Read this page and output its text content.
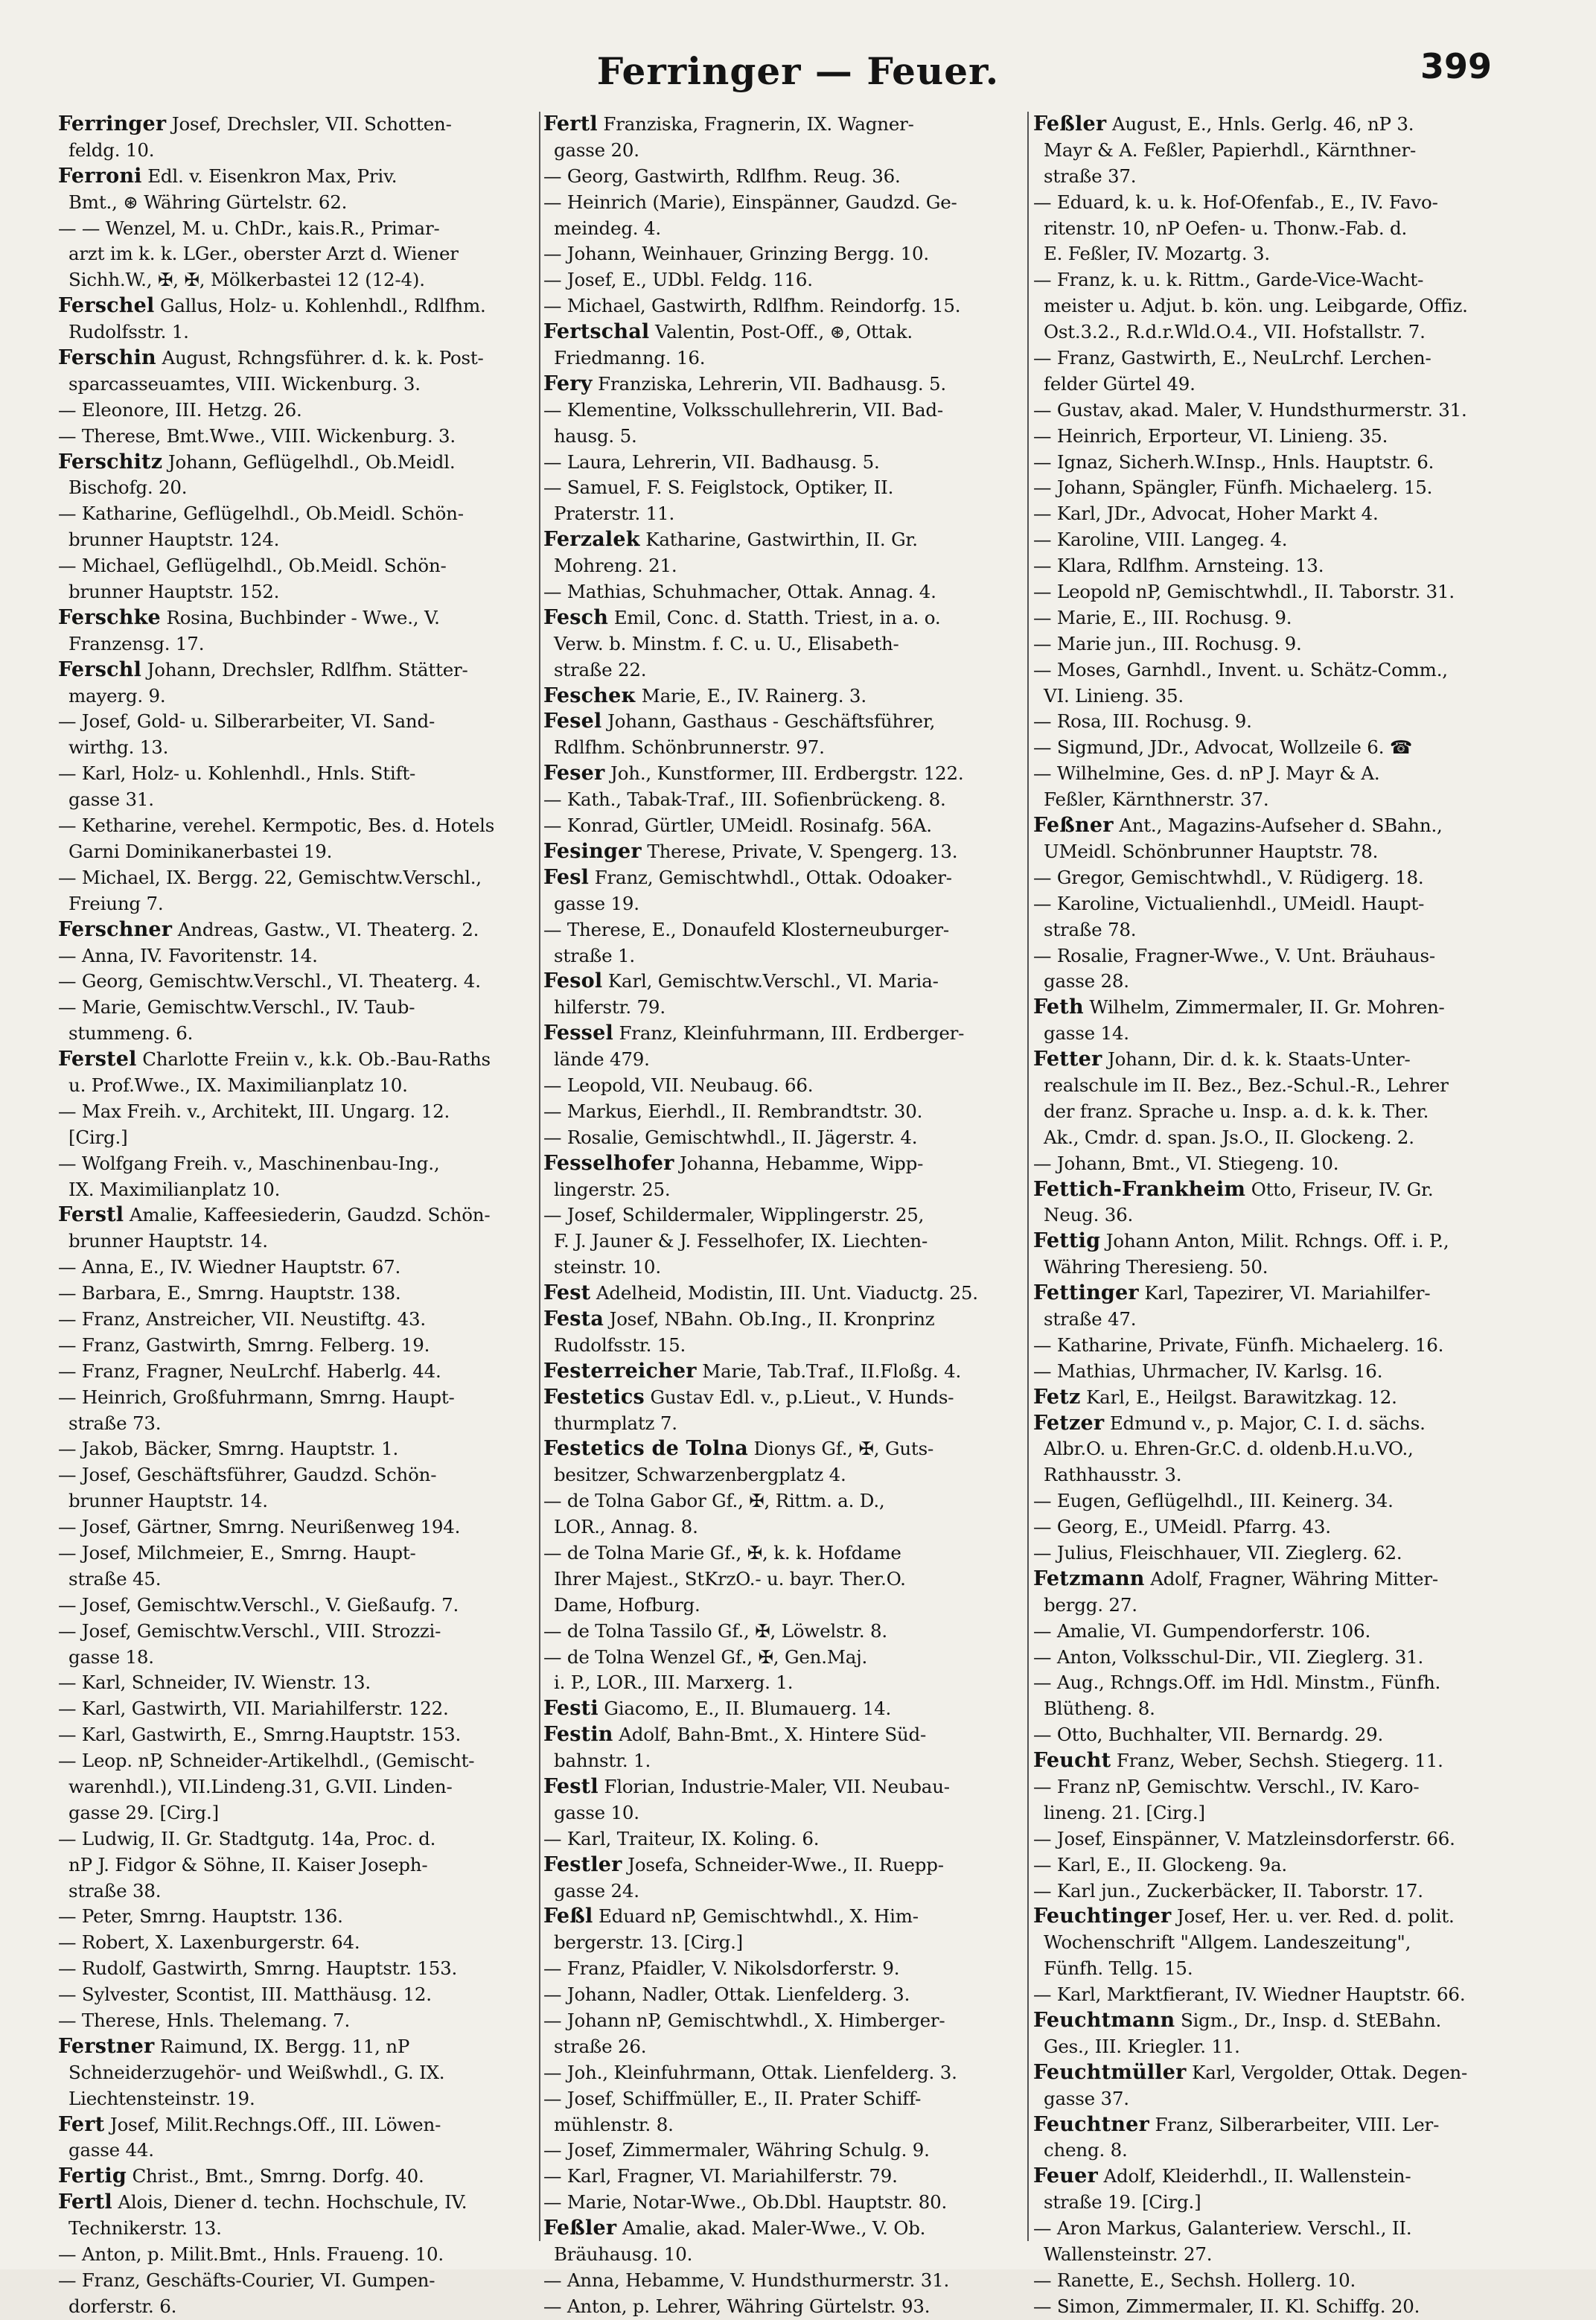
Ferringer — Feuer.	399
Ferringer Josef, Drechsler, VII. Schotten-
feldg. 10.
Ferroni Edl. v. Eisenkron Max, Priv.
Bmt., ⊛ Währing Gürtelstr. 62.
— — Wenzel, M. u. ChDr., kais.R., Primar-
arzt im k. k. LGer., oberster Arzt d. Wiener
Sichh.W., ✠, ✠, Mölkerbastei 12 (12-4).
Ferschel Gallus, Holz- u. Kohlenhdl., Rdlfhm.
Rudolfsstr. 1.
Ferschin August, Rchngsführer. d. k. k. Post-
sparcasseuamtes, VIII. Wickenburg. 3.
— Eleonore, III. Hetzg. 26.
— Therese, Bmt.Wwe., VIII. Wickenburg. 3.
Ferschitz Johann, Geflügelhdl., Ob.Meidl.
Bischofg. 20.
— Katharine, Geflügelhdl., Ob.Meidl. Schön-
brunner Hauptstr. 124.
— Michael, Geflügelhdl., Ob.Meidl. Schön-
brunner Hauptstr. 152.
Ferschke Rosina, Buchbinder - Wwe., V.
Franzensg. 17.
Ferschl Johann, Drechsler, Rdlfhm. Stätter-
mayerg. 9.
— Josef, Gold- u. Silberarbeiter, VI. Sand-
wirthg. 13.
— Karl, Holz- u. Kohlenhdl., Hnls. Stift-
gasse 31.
— Ketharine, verehel. Kermpotic, Bes. d. Hotels
Garni Dominikanerbastei 19.
— Michael, IX. Bergg. 22, Gemischtw.Verschl.,
Freiung 7.
Ferschner Andreas, Gastw., VI. Theaterg. 2.
— Anna, IV. Favoritenstr. 14.
— Georg, Gemischtw.Verschl., VI. Theaterg. 4.
— Marie, Gemischtw.Verschl., IV. Taub-
stummeng. 6.
Ferstel Charlotte Freiin v., k.k. Ob.-Bau-Raths
u. Prof.Wwe., IX. Maximilianplatz 10.
— Max Freih. v., Architekt, III. Ungarg. 12.
[Cirg.]
— Wolfgang Freih. v., Maschinenbau-Ing.,
IX. Maximilianplatz 10.
Ferstl Amalie, Kaffeesiederin, Gaudzd. Schön-
brunner Hauptstr. 14.
— Anna, E., IV. Wiedner Hauptstr. 67.
— Barbara, E., Smrng. Hauptstr. 138.
— Franz, Anstreicher, VII. Neustiftg. 43.
— Franz, Gastwirth, Smrng. Felberg. 19.
— Franz, Fragner, NeuLrchf. Haberlg. 44.
— Heinrich, Großfuhrmann, Smrng. Haupt-
straße 73.
— Jakob, Bäcker, Smrng. Hauptstr. 1.
— Josef, Geschäftsführer, Gaudzd. Schön-
brunner Hauptstr. 14.
— Josef, Gärtner, Smrng. Neurißenweg 194.
— Josef, Milchmeier, E., Smrng. Haupt-
straße 45.
— Josef, Gemischtw.Verschl., V. Gießaufg. 7.
— Josef, Gemischtw.Verschl., VIII. Strozzi-
gasse 18.
— Karl, Schneider, IV. Wienstr. 13.
— Karl, Gastwirth, VII. Mariahilferstr. 122.
— Karl, Gastwirth, E., Smrng.Hauptstr. 153.
— Leop. nP, Schneider-Artikelhdl., (Gemischt-
warenhdl.), VII.Lindeng.31, G.VII. Linden-
gasse 29. [Cirg.]
— Ludwig, II. Gr. Stadtgutg. 14a, Proc. d.
nP J. Fidgor & Söhne, II. Kaiser Joseph-
straße 38.
— Peter, Smrng. Hauptstr. 136.
— Robert, X. Laxenburgerstr. 64.
— Rudolf, Gastwirth, Smrng. Hauptstr. 153.
— Sylvester, Scontist, III. Matthäusg. 12.
— Therese, Hnls. Thelemang. 7.
Ferstner Raimund, IX. Bergg. 11, nP
Schneiderzugehör- und Weißwhdl., G. IX.
Liechtensteinstr. 19.
Fert Josef, Milit.Rechngs.Off., III. Löwen-
gasse 44.
Fertig Christ., Bmt., Smrng. Dorfg. 40.
Fertl Alois, Diener d. techn. Hochschule, IV.
Technikerstr. 13.
— Anton, p. Milit.Bmt., Hnls. Fraueng. 10.
— Franz, Geschäfts-Courier, VI. Gumpen-
dorferstr. 6.
Fertl Franziska, Fragnerin, IX. Wagner-
gasse 20.
— Georg, Gastwirth, Rdlfhm. Reug. 36.
— Heinrich (Marie), Einspänner, Gaudzd. Ge-
meindeg. 4.
— Johann, Weinhauer, Grinzing Bergg. 10.
— Josef, E., UDbl. Feldg. 116.
— Michael, Gastwirth, Rdlfhm. Reindorfg. 15.
Fertschal Valentin, Post-Off., ⊛, Ottak.
Friedmanng. 16.
Fery Franziska, Lehrerin, VII. Badhausg. 5.
— Klementine, Volksschullehrerin, VII. Bad-
hausg. 5.
— Laura, Lehrerin, VII. Badhausg. 5.
— Samuel, F. S. Feiglstock, Optiker, II.
Praterstr. 11.
Ferzalek Katharine, Gastwirthin, II. Gr.
Mohreng. 21.
— Mathias, Schuhmacher, Ottak. Annag. 4.
Fesch Emil, Conc. d. Statth. Triest, in a. o.
Verw. b. Minstm. f. C. u. U., Elisabeth-
straße 22.
Fescheк Marie, E., IV. Rainerg. 3.
Fesel Johann, Gasthaus - Geschäftsführer,
Rdlfhm. Schönbrunnerstr. 97.
Feser Joh., Kunstformer, III. Erdbergstr. 122.
— Kath., Tabak-Traf., III. Sofienbrückeng. 8.
— Konrad, Gürtler, UMeidl. Rosinafg. 56A.
Fesinger Therese, Private, V. Spengerg. 13.
Fesl Franz, Gemischtwhdl., Ottak. Odoaker-
gasse 19.
— Therese, E., Donaufeld Klosterneuburger-
straße 1.
Fesol Karl, Gemischtw.Verschl., VI. Maria-
hilferstr. 79.
Fessel Franz, Kleinfuhrmann, III. Erdberger-
lände 479.
— Leopold, VII. Neubaug. 66.
— Markus, Eierhdl., II. Rembrandtstr. 30.
— Rosalie, Gemischtwhdl., II. Jägerstr. 4.
Fesselhofer Johanna, Hebamme, Wipp-
lingerstr. 25.
— Josef, Schildermaler, Wipplingerstr. 25,
F. J. Jauner & J. Fesselhofer, IX. Liechten-
steinstr. 10.
Fest Adelheid, Modistin, III. Unt. Viaductg. 25.
Festa Josef, NBahn. Ob.Ing., II. Kronprinz
Rudolfsstr. 15.
Festerreicher Marie, Tab.Traf., II.Floßg. 4.
Festetics Gustav Edl. v., p.Lieut., V. Hunds-
thurmplatz 7.
Festetics de Tolna Dionys Gf., ✠, Guts-
besitzer, Schwarzenbergplatz 4.
— de Tolna Gabor Gf., ✠, Rittm. a. D.,
LOR., Annag. 8.
— de Tolna Marie Gf., ✠, k. k. Hofdame
Ihrer Majest., StKrzO.- u. bayr. Ther.O.
Dame, Hofburg.
— de Tolna Tassilo Gf., ✠, Löwelstr. 8.
— de Tolna Wenzel Gf., ✠, Gen.Maj.
i. P., LOR., III. Marxerg. 1.
Festi Giacomo, E., II. Blumauerg. 14.
Festin Adolf, Bahn-Bmt., X. Hintere Süd-
bahnstr. 1.
Festl Florian, Industrie-Maler, VII. Neubau-
gasse 10.
— Karl, Traiteur, IX. Koling. 6.
Festler Josefa, Schneider-Wwe., II. Ruepp-
gasse 24.
Feßl Eduard nP, Gemischtwhdl., X. Him-
bergerstr. 13. [Cirg.]
— Franz, Pfaidler, V. Nikolsdorferstr. 9.
— Johann, Nadler, Ottak. Lienfelderg. 3.
— Johann nP, Gemischtwhdl., X. Himberger-
straße 26.
— Joh., Kleinfuhrmann, Ottak. Lienfelderg. 3.
— Josef, Schiffmüller, E., II. Prater Schiff-
mühlenstr. 8.
— Josef, Zimmermaler, Währing Schulg. 9.
— Karl, Fragner, VI. Mariahilferstr. 79.
— Marie, Notar-Wwe., Ob.Dbl. Hauptstr. 80.
Feßler Amalie, akad. Maler-Wwe., V. Ob.
Bräuhausg. 10.
— Anna, Hebamme, V. Hundsthurmerstr. 31.
— Anton, p. Lehrer, Währing Gürtelstr. 93.
Feßler August, E., Hnls. Gerlg. 46, nP 3.
Mayr & A. Feßler, Papierhdl., Kärnthner-
straße 37.
— Eduard, k. u. k. Hof-Ofenfab., E., IV. Favo-
ritenstr. 10, nP Oefen- u. Thonw.-Fab. d.
E. Feßler, IV. Mozartg. 3.
— Franz, k. u. k. Rittm., Garde-Vice-Wacht-
meister u. Adjut. b. kön. ung. Leibgarde, Offiz.
Ost.3.2., R.d.r.Wld.O.4., VII. Hofstallstr. 7.
— Franz, Gastwirth, E., NeuLrchf. Lerchen-
felder Gürtel 49.
— Gustav, akad. Maler, V. Hundsthurmerstr. 31.
— Heinrich, Erporteur, VI. Linieng. 35.
— Ignaz, Sicherh.W.Insp., Hnls. Hauptstr. 6.
— Johann, Spängler, Fünfh. Michaelerg. 15.
— Karl, JDr., Advocat, Hoher Markt 4.
— Karoline, VIII. Langeg. 4.
— Klara, Rdlfhm. Arnsteing. 13.
— Leopold nP, Gemischtwhdl., II. Taborstr. 31.
— Marie, E., III. Rochusg. 9.
— Marie jun., III. Rochusg. 9.
— Moses, Garnhdl., Invent. u. Schätz-Comm.,
VI. Linieng. 35.
— Rosa, III. Rochusg. 9.
— Sigmund, JDr., Advocat, Wollzeile 6. ☎
— Wilhelmine, Ges. d. nP J. Mayr & A.
Feßler, Kärnthnerstr. 37.
Feßner Ant., Magazins-Aufseher d. SBahn.,
UMeidl. Schönbrunner Hauptstr. 78.
— Gregor, Gemischtwhdl., V. Rüdigerg. 18.
— Karoline, Victualienhdl., UMeidl. Haupt-
straße 78.
— Rosalie, Fragner-Wwe., V. Unt. Bräuhaus-
gasse 28.
Feth Wilhelm, Zimmermaler, II. Gr. Mohren-
gasse 14.
Fetter Johann, Dir. d. k. k. Staats-Unter-
realschule im II. Bez., Bez.-Schul.-R., Lehrer
der franz. Sprache u. Insp. a. d. k. k. Ther.
Ak., Cmdr. d. span. Js.O., II. Glockeng. 2.
— Johann, Bmt., VI. Stiegeng. 10.
Fettich-Frankheim Otto, Friseur, IV. Gr.
Neug. 36.
Fettig Johann Anton, Milit. Rchngs. Off. i. P.,
Währing Theresieng. 50.
Fettinger Karl, Tapezirer, VI. Mariahilfer-
straße 47.
— Katharine, Private, Fünfh. Michaelerg. 16.
— Mathias, Uhrmacher, IV. Karlsg. 16.
Fetz Karl, E., Heilgst. Barawitzkag. 12.
Fetzer Edmund v., p. Major, C. I. d. sächs.
Albr.O. u. Ehren-Gr.C. d. oldenb.H.u.VO.,
Rathhausstr. 3.
— Eugen, Geflügelhdl., III. Keinerg. 34.
— Georg, E., UMeidl. Pfarrg. 43.
— Julius, Fleischhauer, VII. Zieglerg. 62.
Fetzmann Adolf, Fragner, Währing Mitter-
bergg. 27.
— Amalie, VI. Gumpendorferstr. 106.
— Anton, Volksschul-Dir., VII. Zieglerg. 31.
— Aug., Rchngs.Off. im Hdl. Minstm., Fünfh.
Blütheng. 8.
— Otto, Buchhalter, VII. Bernardg. 29.
Feucht Franz, Weber, Sechsh. Stiegerg. 11.
— Franz nP, Gemischtw. Verschl., IV. Karo-
lineng. 21. [Cirg.]
— Josef, Einspänner, V. Matzleinsdorferstr. 66.
— Karl, E., II. Glockeng. 9a.
— Karl jun., Zuckerbäcker, II. Taborstr. 17.
Feuchtinger Josef, Her. u. ver. Red. d. polit.
Wochenschrift "Allgem. Landeszeitung",
Fünfh. Tellg. 15.
— Karl, Marktfierant, IV. Wiedner Hauptstr. 66.
Feuchtmann Sigm., Dr., Insp. d. StEBahn.
Ges., III. Kriegler. 11.
Feuchtmüller Karl, Vergolder, Ottak. Degen-
gasse 37.
Feuchtner Franz, Silberarbeiter, VIII. Ler-
cheng. 8.
Feuer Adolf, Kleiderhdl., II. Wallenstein-
straße 19. [Cirg.]
— Aron Markus, Galanteriew. Verschl., II.
Wallensteinstr. 27.
— Ranette, E., Sechsh. Hollerg. 10.
— Simon, Zimmermaler, II. Kl. Schiffg. 20.
